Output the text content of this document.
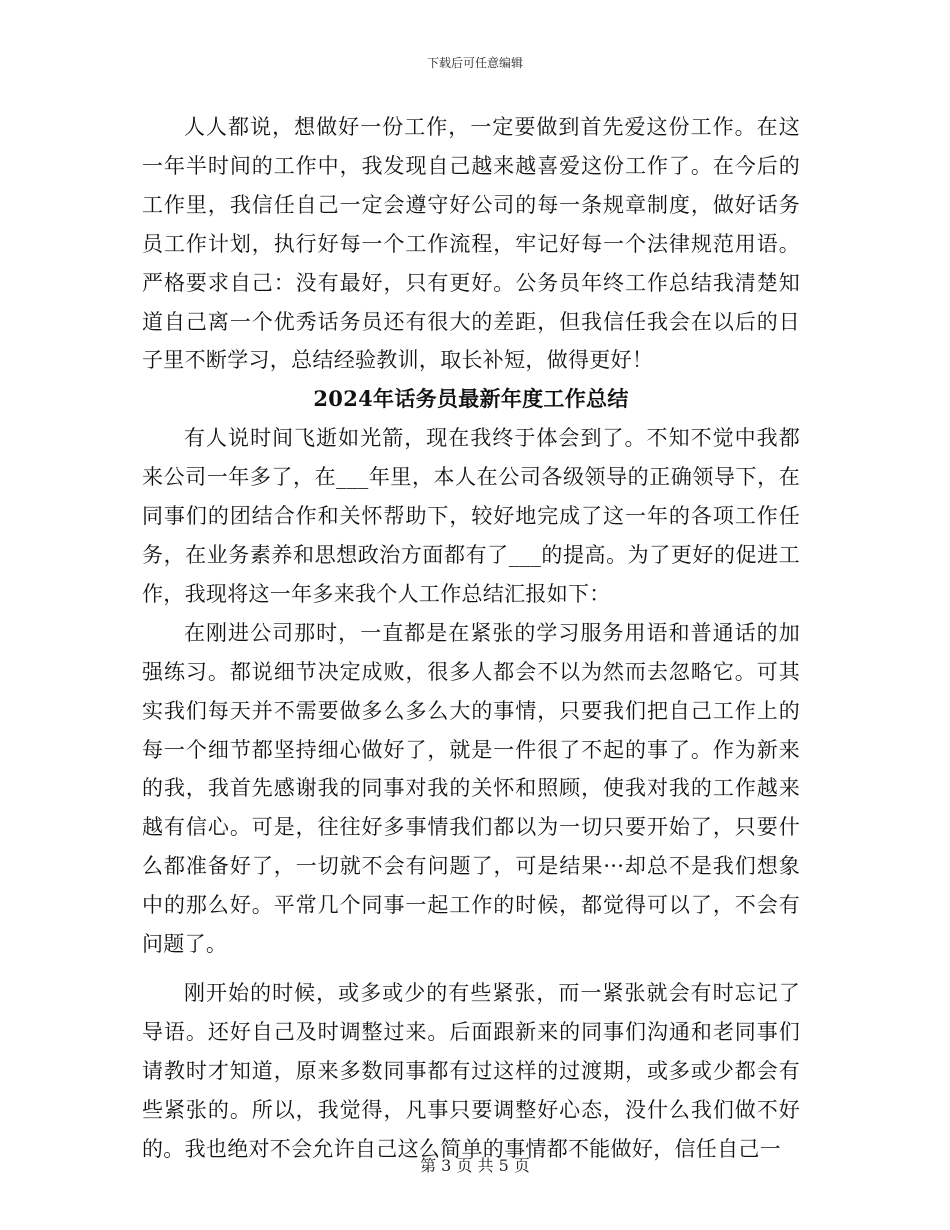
下载后可任意编辑

人人都说，想做好一份工作，一定要做到首先爱这份工作。在这一年半时间的工作中，我发现自己越来越喜爱这份工作了。在今后的工作里，我信任自己一定会遵守好公司的每一条规章制度，做好话务员工作计划，执行好每一个工作流程，牢记好每一个法律规范用语。严格要求自己：没有最好，只有更好。公务员年终工作总结我清楚知道自己离一个优秀话务员还有很大的差距，但我信任我会在以后的日子里不断学习，总结经验教训，取长补短，做得更好！

2024年话务员最新年度工作总结

有人说时间飞逝如光箭，现在我终于体会到了。不知不觉中我都来公司一年多了，在___年里，本人在公司各级领导的正确领导下，在同事们的团结合作和关怀帮助下，较好地完成了这一年的各项工作任务，在业务素养和思想政治方面都有了___的提高。为了更好的促进工作，我现将这一年多来我个人工作总结汇报如下：

在刚进公司那时，一直都是在紧张的学习服务用语和普通话的加强练习。都说细节决定成败，很多人都会不以为然而去忽略它。可其实我们每天并不需要做多么多么大的事情，只要我们把自己工作上的每一个细节都坚持细心做好了，就是一件很了不起的事了。作为新来的我，我首先感谢我的同事对我的关怀和照顾，使我对我的工作越来越有信心。可是，往往好多事情我们都以为一切只要开始了，只要什么都准备好了，一切就不会有问题了，可是结果···却总不是我们想象中的那么好。平常几个同事一起工作的时候，都觉得可以了，不会有问题了。

刚开始的时候，或多或少的有些紧张，而一紧张就会有时忘记了导语。还好自己及时调整过来。后面跟新来的同事们沟通和老同事们请教时才知道，原来多数同事都有过这样的过渡期，或多或少都会有些紧张的。所以，我觉得，凡事只要调整好心态，没什么我们做不好的。我也绝对不会允许自己这么简单的事情都不能做好，信任自己一

第 3 页 共 5 页
